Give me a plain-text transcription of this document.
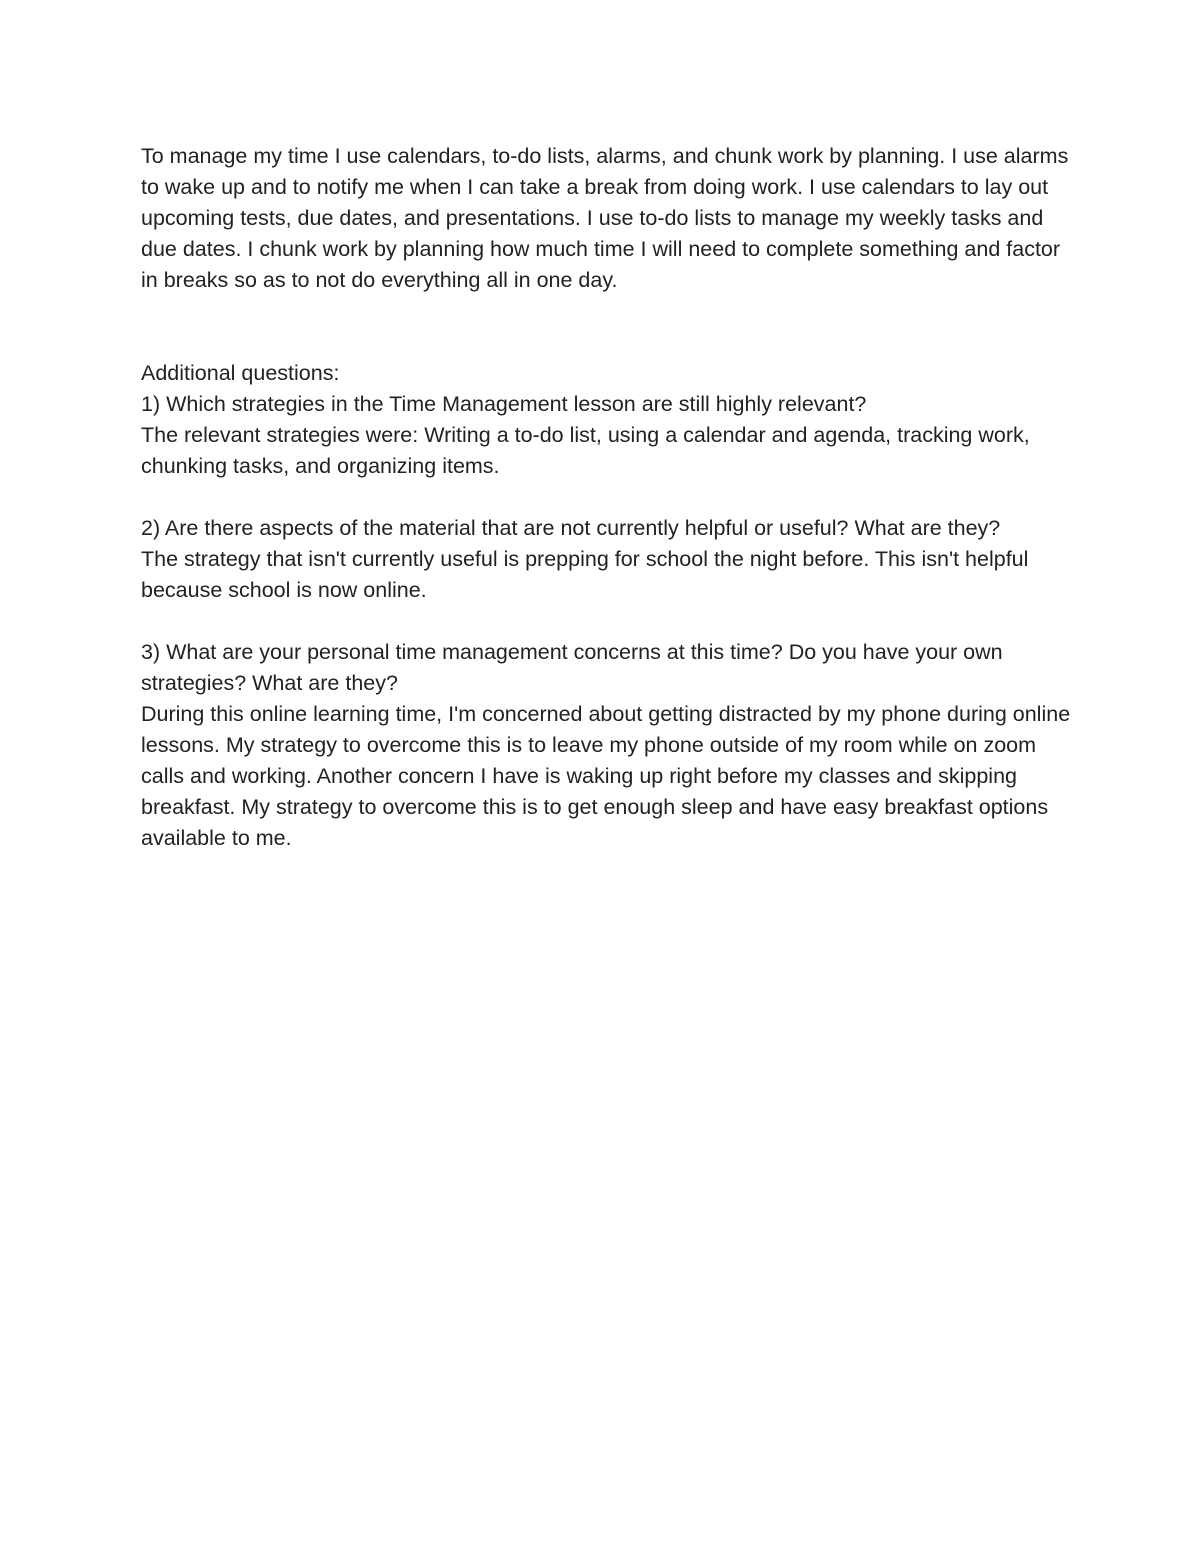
To manage my time I use calendars, to-do lists, alarms, and chunk work by planning. I use alarms to wake up and to notify me when I can take a break from doing work. I use calendars to lay out upcoming tests, due dates, and presentations. I use to-do lists to manage my weekly tasks and due dates. I chunk work by planning how much time I will need to complete something and factor in breaks so as to not do everything all in one day.

Additional questions:

1) Which strategies in the Time Management lesson are still highly relevant?

The relevant strategies were: Writing a to-do list, using a calendar and agenda, tracking work, chunking tasks, and organizing items.

2) Are there aspects of the material that are not currently helpful or useful? What are they?

The strategy that isn't currently useful is prepping for school the night before. This isn't helpful because school is now online.

3) What are your personal time management concerns at this time? Do you have your own strategies? What are they?

During this online learning time, I'm concerned about getting distracted by my phone during online lessons. My strategy to overcome this is to leave my phone outside of my room while on zoom calls and working. Another concern I have is waking up right before my classes and skipping breakfast. My strategy to overcome this is to get enough sleep and have easy breakfast options available to me.
